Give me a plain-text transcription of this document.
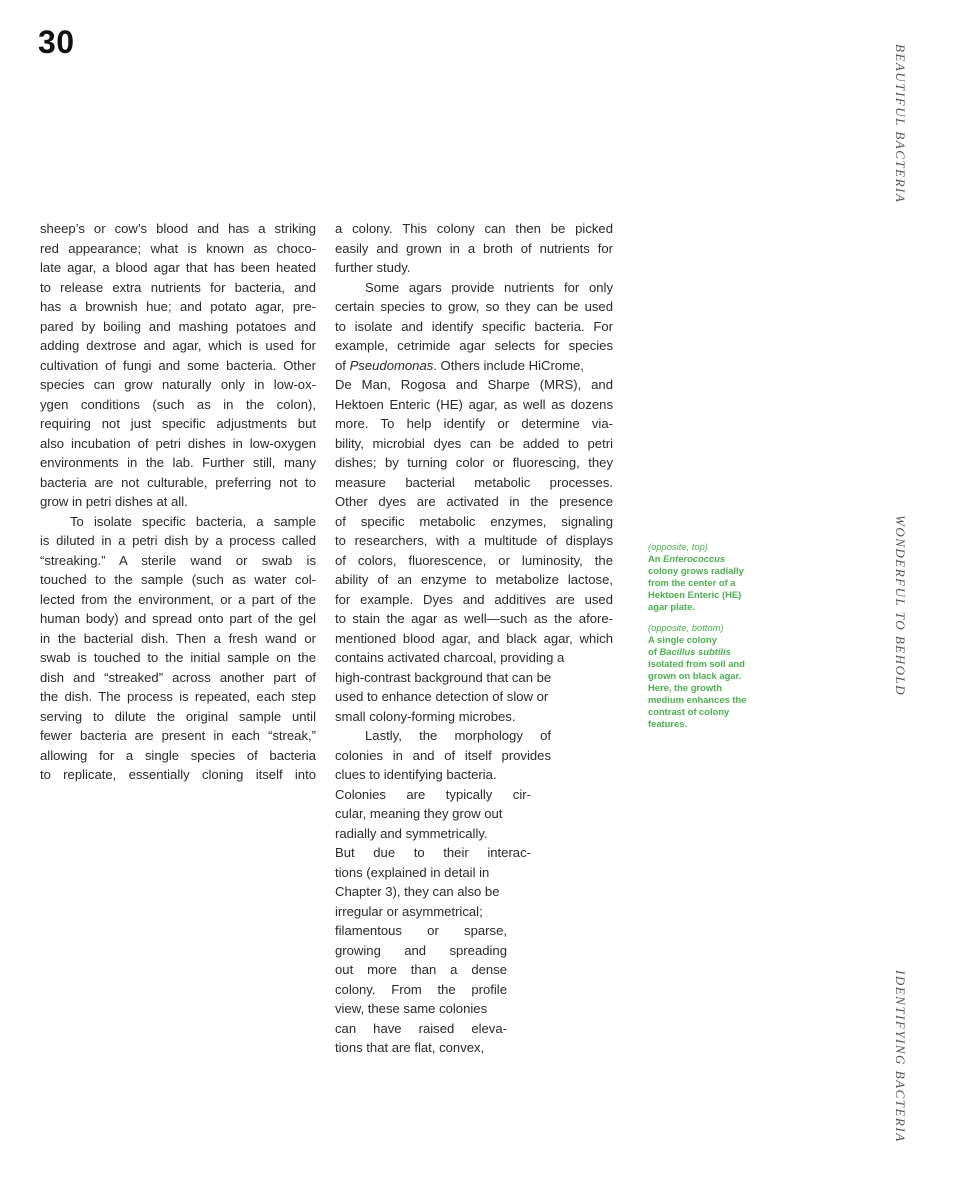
30
BEAUTIFUL BACTERIA
WONDERFUL TO BEHOLD
IDENTIFYING BACTERIA
sheep’s or cow’s blood and has a striking
red appearance; what is known as choco-
late agar, a blood agar that has been heated
to release extra nutrients for bacteria, and
has a brownish hue; and potato agar, pre-
pared by boiling and mashing potatoes and
adding dextrose and agar, which is used for
cultivation of fungi and some bacteria. Other
species can grow naturally only in low-ox-
ygen conditions (such as in the colon),
requiring not just specific adjustments but
also incubation of petri dishes in low-oxygen
environments in the lab. Further still, many
bacteria are not culturable, preferring not to
grow in petri dishes at all.
To isolate specific bacteria, a sample
is diluted in a petri dish by a process called
“streaking.” A sterile wand or swab is
touched to the sample (such as water col-
lected from the environment, or a part of the
human body) and spread onto part of the gel
in the bacterial dish. Then a fresh wand or
swab is touched to the initial sample on the
dish and “streaked” across another part of
the dish. The process is repeated, each step
serving to dilute the original sample until
fewer bacteria are present in each “streak,”
allowing for a single species of bacteria
to replicate, essentially cloning itself into
a colony. This colony can then be picked
easily and grown in a broth of nutrients for
further study.
Some agars provide nutrients for only
certain species to grow, so they can be used
to isolate and identify specific bacteria. For
example, cetrimide agar selects for species
of Pseudomonas. Others include HiCrome,
De Man, Rogosa and Sharpe (MRS), and
Hektoen Enteric (HE) agar, as well as dozens
more. To help identify or determine via-
bility, microbial dyes can be added to petri
dishes; by turning color or fluorescing, they
measure bacterial metabolic processes.
Other dyes are activated in the presence
of specific metabolic enzymes, signaling
to researchers, with a multitude of displays
of colors, fluorescence, or luminosity, the
ability of an enzyme to metabolize lactose,
for example. Dyes and additives are used
to stain the agar as well—such as the afore-
mentioned blood agar, and black agar, which
contains activated charcoal, providing a
high-contrast background that can be
used to enhance detection of slow or
small colony-forming microbes.
Lastly, the morphology of
colonies in and of itself provides
clues to identifying bacteria.
Colonies are typically cir-
cular, meaning they grow out
radially and symmetrically.
But due to their interac-
tions (explained in detail in
Chapter 3), they can also be
irregular or asymmetrical;
filamentous or sparse,
growing and spreading
out more than a dense
colony. From the profile
view, these same colonies
can have raised eleva-
tions that are flat, convex,
(opposite, top)
An Enterococcus
colony grows radially
from the center of a
Hektoen Enteric (HE)
agar plate.
(opposite, bottom)
A single colony
of Bacillus subtilis
isolated from soil and
grown on black agar.
Here, the growth
medium enhances the
contrast of colony
features.
